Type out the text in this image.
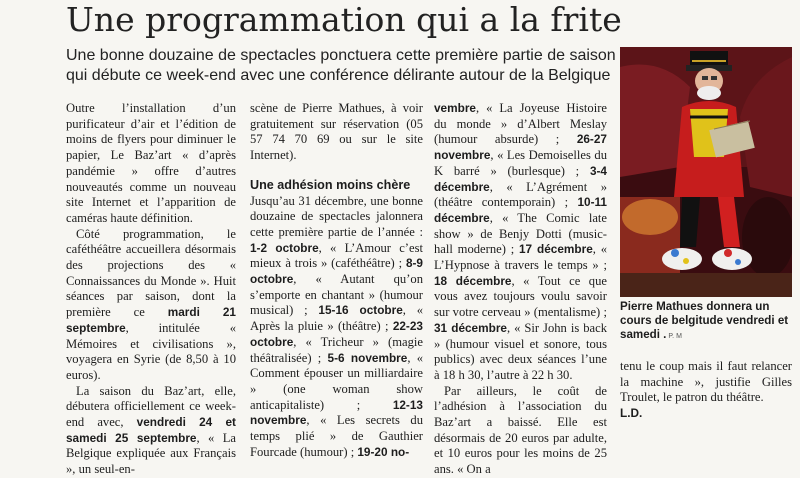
Une programmation qui a la frite
Une bonne douzaine de spectacles ponctuera cette première partie de saison
qui débute ce week-end avec une conférence délirante autour de la Belgique

Outre l’installation d’un purificateur d’air et l’édition de moins de flyers pour diminuer le papier, Le Baz’art « d’après pandémie » offre d’autres nouveautés comme un nouveau site Internet et l’apparition de caméras haute définition.

Côté programmation, le caféthéâtre accueillera désormais des projections des « Connaissances du Monde ». Huit séances par saison, dont la première ce mardi 21 septembre, intitulée « Mémoires et civilisations », voyagera en Syrie (de 8,50 à 10 euros).

La saison du Baz’art, elle, débutera officiellement ce week-end avec, vendredi 24 et samedi 25 septembre, « La Belgique expliquée aux Français », un seul-en-

scène de Pierre Mathues, à voir gratuitement sur réservation (05 57 74 70 69 ou sur le site Internet).

Une adhésion moins chère

Jusqu’au 31 décembre, une bonne douzaine de spectacles jalonnera cette première partie de l’année : 1-2 octobre, « L’Amour c’est mieux à trois » (caféthéâtre) ; 8-9 octobre, « Autant qu’on s’emporte en chantant » (humour musical) ; 15-16 octobre, « Après la pluie » (théâtre) ; 22-23 octobre, « Tricheur » (magie théâtralisée) ; 5-6 novembre, « Comment épouser un milliardaire » (one woman show anticapitaliste) ; 12-13 novembre, « Les secrets du temps plié » de Gauthier Fourcade (humour) ; 19-20 no-

vembre, « La Joyeuse Histoire du monde » d’Albert Meslay (humour absurde) ; 26-27 novembre, « Les Demoiselles du K barré » (burlesque) ; 3-4 décembre, « L’Agrément » (théâtre contemporain) ; 10-11 décembre, « The Comic late show » de Benjy Dotti (music-hall moderne) ; 17 décembre, « L’Hypnose à travers le temps » ; 18 décembre, « Tout ce que vous avez toujours voulu savoir sur votre cerveau » (mentalisme) ; 31 décembre, « Sir John is back » (humour visuel et sonore, tous publics) avec deux séances l’une à 18 h 30, l’autre à 22 h 30.

Par ailleurs, le coût de l’adhésion à l’association du Baz’art a baissé. Elle est désormais de 20 euros par adulte, et 10 euros pour les moins de 25 ans. « On a

Pierre Mathues donnera un cours de belgitude vendredi et samedi . P. M

tenu le coup mais il faut relancer la machine », justifie Gilles Troulet, le patron du théâtre.

L.D.
